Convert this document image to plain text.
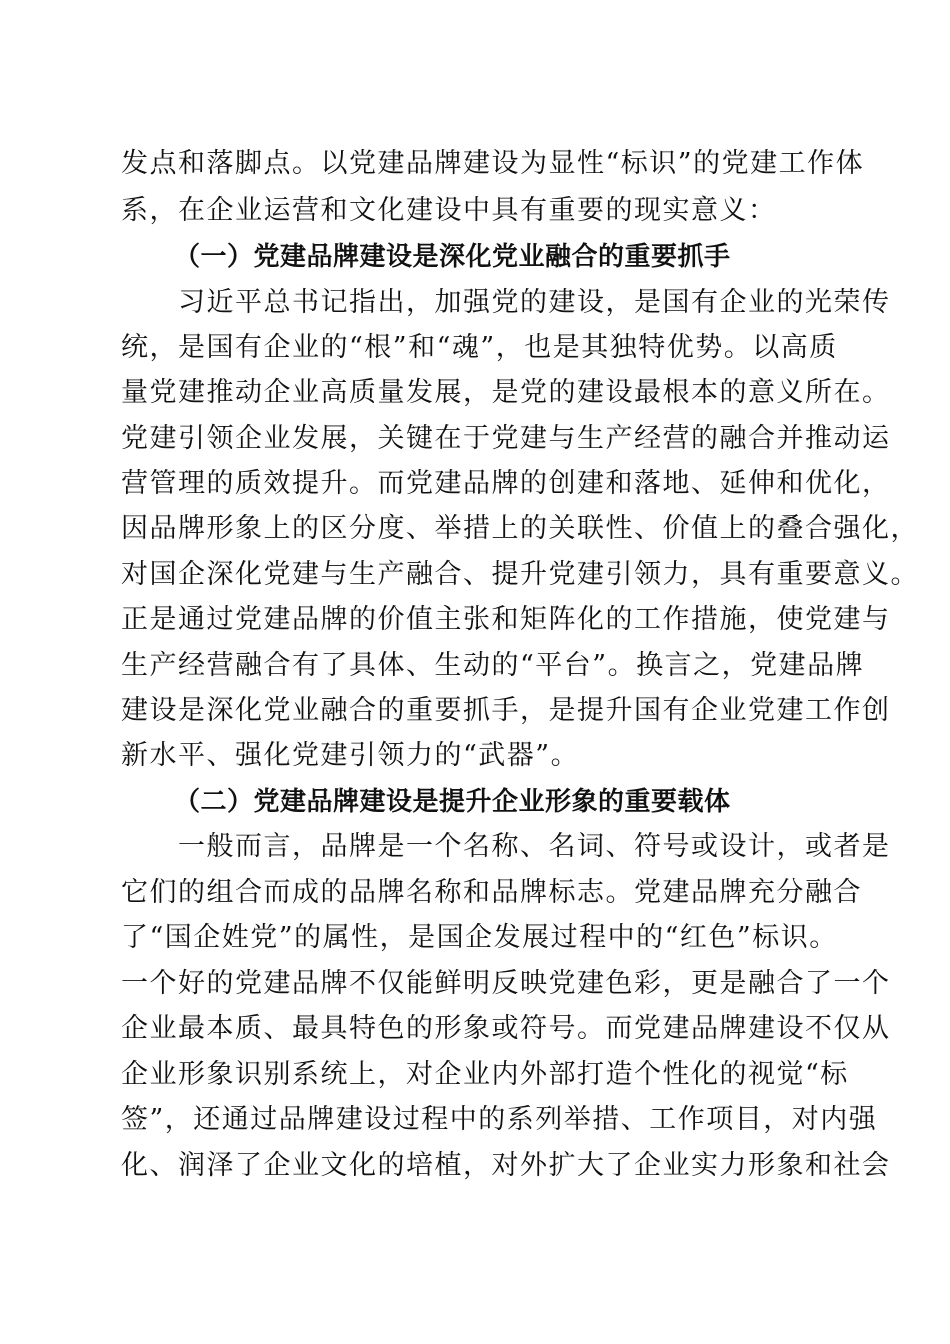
发点和落脚点。以党建品牌建设为显性“标识”的党建工作体
系，在企业运营和文化建设中具有重要的现实意义：
（一）党建品牌建设是深化党业融合的重要抓手
　　习近平总书记指出，加强党的建设，是国有企业的光荣传
统，是国有企业的“根”和“魂”，也是其独特优势。以高质
量党建推动企业高质量发展，是党的建设最根本的意义所在。
党建引领企业发展，关键在于党建与生产经营的融合并推动运
营管理的质效提升。而党建品牌的创建和落地、延伸和优化，
因品牌形象上的区分度、举措上的关联性、价值上的叠合强化，
对国企深化党建与生产融合、提升党建引领力，具有重要意义。
正是通过党建品牌的价值主张和矩阵化的工作措施，使党建与
生产经营融合有了具体、生动的“平台”。换言之，党建品牌
建设是深化党业融合的重要抓手，是提升国有企业党建工作创
新水平、强化党建引领力的“武器”。
（二）党建品牌建设是提升企业形象的重要载体
　　一般而言，品牌是一个名称、名词、符号或设计，或者是
它们的组合而成的品牌名称和品牌标志。党建品牌充分融合
了“国企姓党”的属性，是国企发展过程中的“红色”标识。
一个好的党建品牌不仅能鲜明反映党建色彩，更是融合了一个
企业最本质、最具特色的形象或符号。而党建品牌建设不仅从
企业形象识别系统上，对企业内外部打造个性化的视觉“标
签”，还通过品牌建设过程中的系列举措、工作项目，对内强
化、润泽了企业文化的培植，对外扩大了企业实力形象和社会
